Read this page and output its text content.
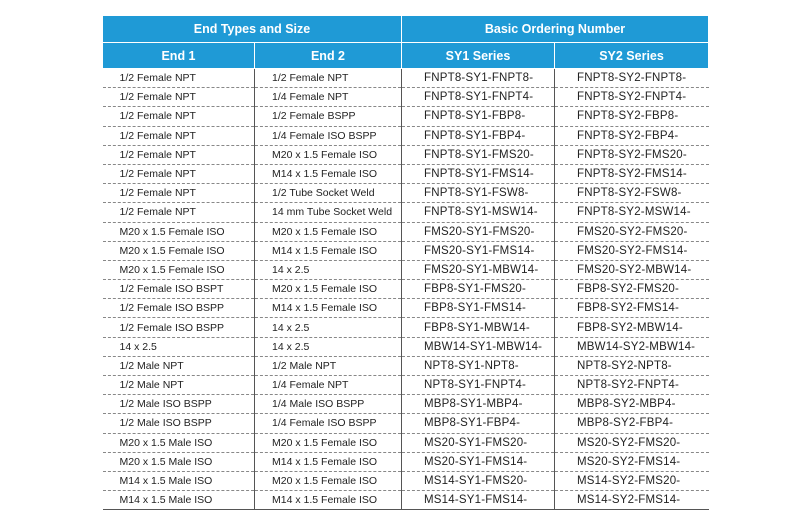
End Types and Size		Basic Ordering Number	
End 1	End 2	SY1 Series	SY2 Series
1/2 Female NPT	1/2 Female NPT	FNPT8-SY1-FNPT8-	FNPT8-SY2-FNPT8-
1/2 Female NPT	1/4 Female NPT	FNPT8-SY1-FNPT4-	FNPT8-SY2-FNPT4-
1/2 Female NPT	1/2 Female BSPP	FNPT8-SY1-FBP8-	FNPT8-SY2-FBP8-
1/2 Female NPT	1/4 Female ISO BSPP	FNPT8-SY1-FBP4-	FNPT8-SY2-FBP4-
1/2 Female NPT	M20 x 1.5 Female ISO	FNPT8-SY1-FMS20-	FNPT8-SY2-FMS20-
1/2 Female NPT	M14 x 1.5 Female ISO	FNPT8-SY1-FMS14-	FNPT8-SY2-FMS14-
1/2 Female NPT	1/2 Tube Socket Weld	FNPT8-SY1-FSW8-	FNPT8-SY2-FSW8-
1/2 Female NPT	14 mm Tube Socket Weld	FNPT8-SY1-MSW14-	FNPT8-SY2-MSW14-
M20 x 1.5 Female ISO	M20 x 1.5 Female ISO	FMS20-SY1-FMS20-	FMS20-SY2-FMS20-
M20 x 1.5 Female ISO	M14 x 1.5 Female ISO	FMS20-SY1-FMS14-	FMS20-SY2-FMS14-
M20 x 1.5 Female ISO	14 x 2.5	FMS20-SY1-MBW14-	FMS20-SY2-MBW14-
1/2 Female ISO BSPT	M20 x 1.5 Female ISO	FBP8-SY1-FMS20-	FBP8-SY2-FMS20-
1/2 Female ISO BSPP	M14 x 1.5 Female ISO	FBP8-SY1-FMS14-	FBP8-SY2-FMS14-
1/2 Female ISO BSPP	14 x 2.5	FBP8-SY1-MBW14-	FBP8-SY2-MBW14-
14 x 2.5	14 x 2.5	MBW14-SY1-MBW14-	MBW14-SY2-MBW14-
1/2 Male NPT	1/2 Male NPT	NPT8-SY1-NPT8-	NPT8-SY2-NPT8-
1/2 Male NPT	1/4 Female NPT	NPT8-SY1-FNPT4-	NPT8-SY2-FNPT4-
1/2 Male ISO BSPP	1/4 Male ISO BSPP	MBP8-SY1-MBP4-	MBP8-SY2-MBP4-
1/2 Male ISO BSPP	1/4 Female ISO BSPP	MBP8-SY1-FBP4-	MBP8-SY2-FBP4-
M20 x 1.5 Male ISO	M20 x 1.5 Female ISO	MS20-SY1-FMS20-	MS20-SY2-FMS20-
M20 x 1.5 Male ISO	M14 x 1.5 Female ISO	MS20-SY1-FMS14-	MS20-SY2-FMS14-
M14 x 1.5 Male ISO	M20 x 1.5 Female ISO	MS14-SY1-FMS20-	MS14-SY2-FMS20-
M14 x 1.5 Male ISO	M14 x 1.5 Female ISO	MS14-SY1-FMS14-	MS14-SY2-FMS14-
